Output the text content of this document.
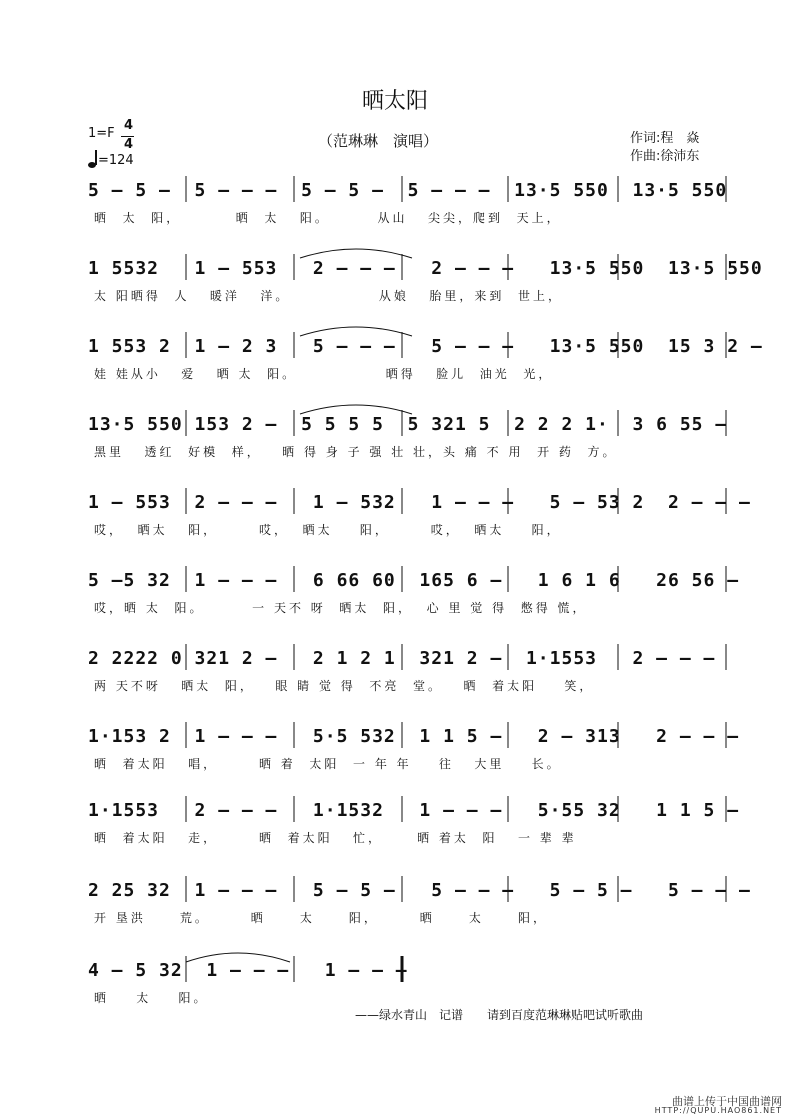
晒太阳
（范琳琳　演唱）
1=F
4
4
=124
作词:程　焱
作曲:徐沛东
5 – 5 –  5 – – –  5 – 5 –  5 – – –  13·5 550  13·5 550
晒  太  阳，        晒  太   阳。       从山   尖尖，爬到  天上，
1 5532   1 – 553   2 – – –   2 – – –   13·5 550  13·5 550
太 阳晒得  人   暖洋   洋。             从娘   胎里，来到  世上，
1 553 2  1 – 2 3   5 – – –   5 – – –   13·5 550  15 3 2 –
娃 娃从小   爱   晒 太  阳。             晒得   脸儿  油光  光，
13·5 550 153 2 –  5 5 5 5  5 321 5  2 2 2 1·  3 6 55 –
黑里   透红  好模  样，   晒 得 身 子 强 壮 壮，头 痛 不 用  开 药  方。
1 – 553  2 – – –   1 – 532   1 – – –   5 – 53 2  2 – – –
哎，  晒太   阳，      哎，  晒太    阳，      哎，  晒太    阳，
5 –5 32  1 – – –   6 66 60  165 6 –   1 6 1 6   26 56 –
哎，晒 太  阳。       一 天不 呀  晒太  阳，  心 里 觉 得  憋得 慌，
2 2222 0 321 2 –   2 1 2 1  321 2 –  1·1553   2 – – –
两 天不呀   晒太  阳，   眼 睛 觉 得  不亮  堂。   晒  着太阳    笑，
1·153 2  1 – – –   5·5 532  1 1 5 –   2 – 313   2 – – –
晒  着太阳   唱，      晒 着  太阳  一 年 年    往   大里    长。
1·1553   2 – – –   1·1532   1 – – –   5·55 32   1 1 5 –
晒  着太阳   走，      晒  着太阳   忙，     晒 着太  阳   一 辈 辈
2 25 32  1 – – –   5 – 5 –   5 – – –   5 – 5 –   5 – – –
开 垦洪     荒。      晒     太     阳，      晒     太     阳，
4 – 5 32  1 – – –   1 – – –
晒    太    阳。
——绿水青山　记谱　　请到百度范琳琳贴吧试听歌曲
曲谱上传于中国曲谱网
HTTP://QUPU.HAO861.NET
